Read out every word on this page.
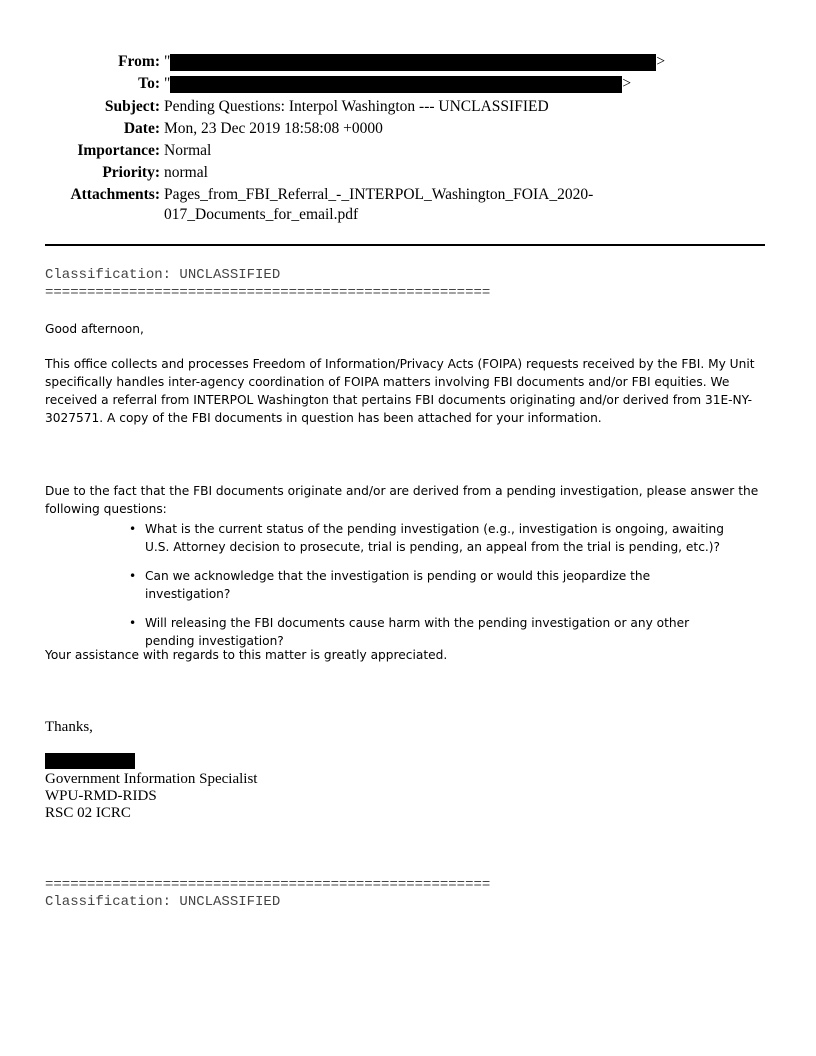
From: "	>
To: "	>
Subject: Pending Questions: Interpol Washington --- UNCLASSIFIED
Date: Mon, 23 Dec 2019 18:58:08 +0000
Importance: Normal
Priority: normal
Attachments: Pages_from_FBI_Referral_-_INTERPOL_Washington_FOIA_2020-
017_Documents_for_email.pdf
Classification: UNCLASSIFIED
=====================================================

Good afternoon,

This office collects and processes Freedom of Information/Privacy Acts (FOIPA) requests received by the FBI. My Unit specifically handles inter-agency coordination of FOIPA matters involving FBI documents and/or FBI equities. We received a referral from INTERPOL Washington that pertains FBI documents originating and/or derived from 31E-NY-3027571. A copy of the FBI documents in question has been attached for your information.

Due to the fact that the FBI documents originate and/or are derived from a pending investigation, please answer the following questions:

• What is the current status of the pending investigation (e.g., investigation is ongoing, awaiting U.S. Attorney decision to prosecute, trial is pending, an appeal from the trial is pending, etc.)?
• Can we acknowledge that the investigation is pending or would this jeopardize the investigation?
• Will releasing the FBI documents cause harm with the pending investigation or any other pending investigation?

Your assistance with regards to this matter is greatly appreciated.

Thanks,
Government Information Specialist
WPU-RMD-RIDS
RSC 02 ICRC
=====================================================
Classification: UNCLASSIFIED
